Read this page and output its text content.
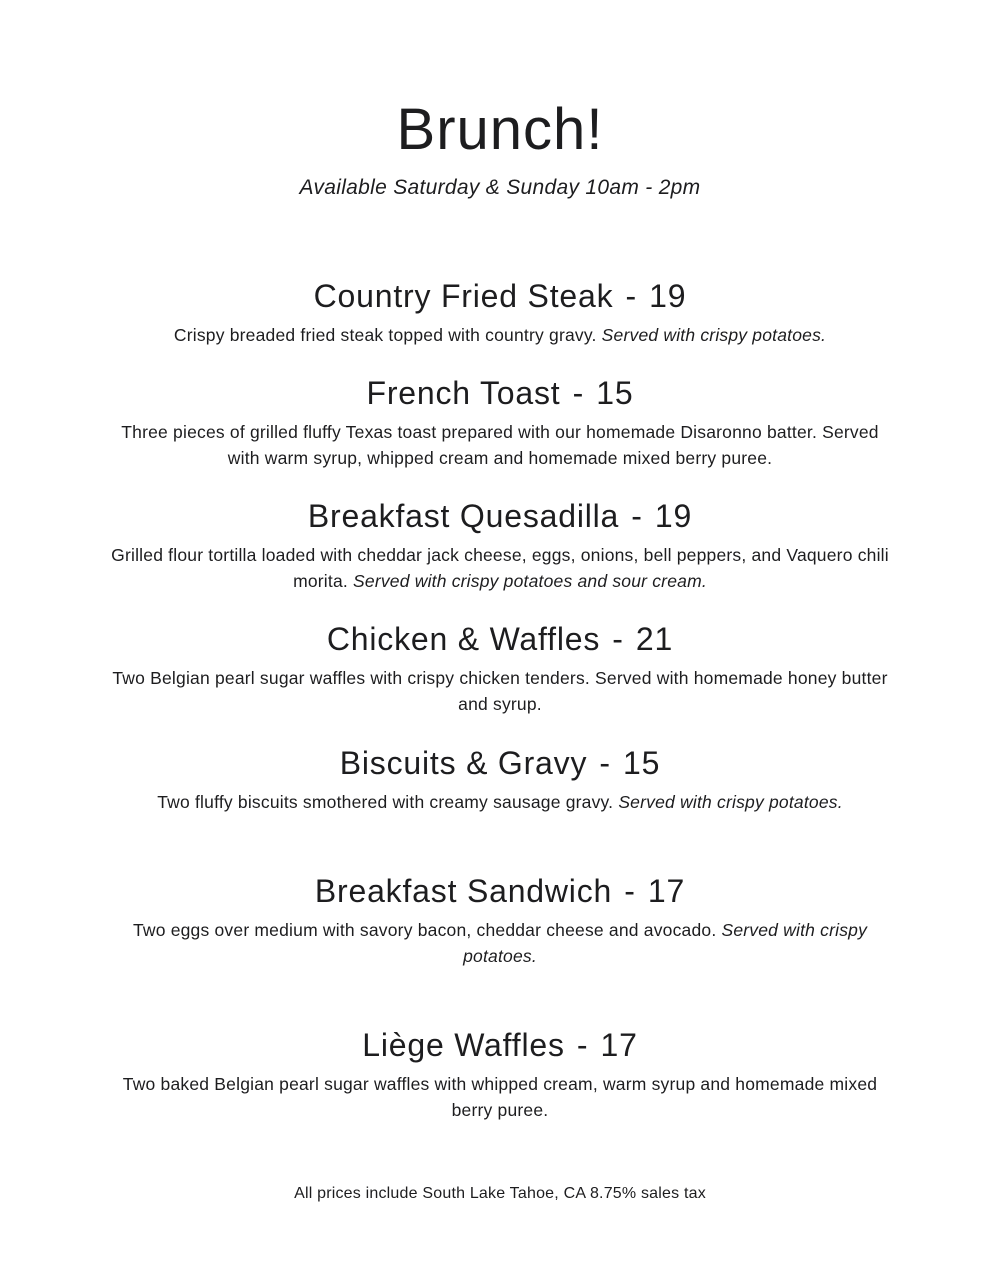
Brunch!

Available Saturday & Sunday 10am - 2pm

Country Fried Steak - 19

Crispy breaded fried steak topped with country gravy. Served with crispy potatoes.

French Toast - 15

Three pieces of grilled fluffy Texas toast prepared with our homemade Disaronno batter. Served with warm syrup, whipped cream and homemade mixed berry puree.

Breakfast Quesadilla - 19

Grilled flour tortilla loaded with cheddar jack cheese, eggs, onions, bell peppers, and Vaquero chili morita. Served with crispy potatoes and sour cream.

Chicken & Waffles - 21

Two Belgian pearl sugar waffles with crispy chicken tenders. Served with homemade honey butter and syrup.

Biscuits & Gravy - 15

Two fluffy biscuits smothered with creamy sausage gravy. Served with crispy potatoes.

Breakfast Sandwich - 17

Two eggs over medium with savory bacon, cheddar cheese and avocado. Served with crispy potatoes.

Liège Waffles - 17

Two baked Belgian pearl sugar waffles with whipped cream, warm syrup and homemade mixed berry puree.

All prices include South Lake Tahoe, CA 8.75% sales tax
